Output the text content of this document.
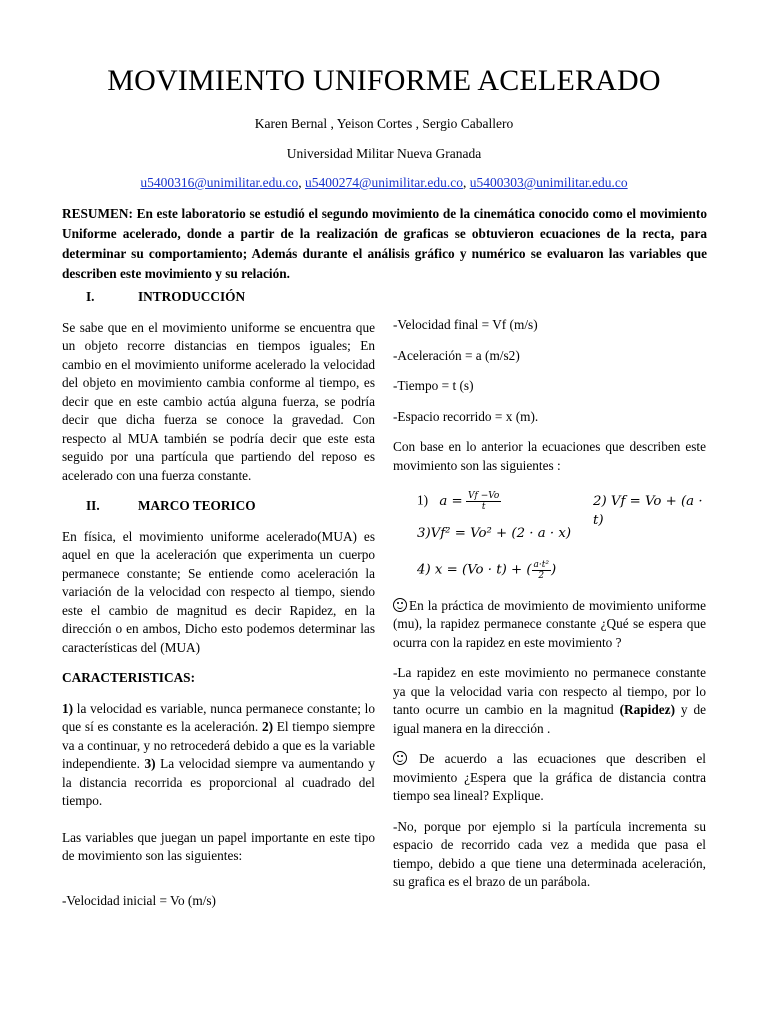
MOVIMIENTO UNIFORME ACELERADO
Karen Bernal , Yeison Cortes , Sergio Caballero
Universidad Militar Nueva Granada
u5400316@unimilitar.edu.co, u5400274@unimilitar.edu.co, u5400303@unimilitar.edu.co
RESUMEN: En este laboratorio se estudió el segundo movimiento de la cinemática conocido como el movimiento Uniforme acelerado, donde a partir de la realización de graficas se obtuvieron ecuaciones de la recta, para determinar su comportamiento; Además durante el análisis gráfico y numérico se evaluaron las variables que describen este movimiento y su relación.
I.	INTRODUCCIÓN

Se sabe que en el movimiento uniforme se encuentra que un objeto recorre distancias en tiempos iguales; En cambio en el movimiento uniforme acelerado la velocidad del objeto en movimiento cambia conforme al tiempo, es decir que en este cambio actúa alguna fuerza, se podría decir que dicha fuerza se conoce la gravedad. Con respecto al MUA también se podría decir que este esta seguido por una partícula que partiendo del reposo es acelerado con una fuerza constante.

II.	MARCO TEORICO

En física, el movimiento uniforme acelerado(MUA) es aquel en que la aceleración que experimenta un cuerpo permanece constante; Se entiende como aceleración la variación de la velocidad con respecto al tiempo, siendo este el cambio de magnitud es decir Rapidez, en la dirección o en ambos, Dicho esto podemos determinar las características del (MUA)

CARACTERISTICAS:

1) la velocidad es variable, nunca permanece constante; lo que sí es constante es la aceleración. 2) El tiempo siempre va a continuar, y no retrocederá debido a que es la variable independiente. 3) La velocidad siempre va aumentando y la distancia recorrida es proporcional al cuadrado del tiempo.

Las variables que juegan un papel importante en este tipo de movimiento son las siguientes:

-Velocidad inicial = Vo (m/s)

-Velocidad final = Vf (m/s)

-Aceleración = a (m/s2)

-Tiempo = t (s)

-Espacio recorrido = x (m).

Con base en lo anterior la ecuaciones que describen este movimiento son las siguientes :

1) $a = \frac{Vf -Vo}{t}$	2) Vf = Vo + (a · t)
3)Vf² = Vo² + (2 · a · x)
4) x = (Vo · t) + ( $\frac{\text{a·t²}}{2}$ )

En la práctica de movimiento de movimiento uniforme (mu), la rapidez permanece constante ¿Qué se espera que ocurra con la rapidez en este movimiento ?

-La rapidez en este movimiento no permanece constante ya que la velocidad varia con respecto al tiempo, por lo tanto ocurre un cambio en la magnitud (Rapidez) y de igual manera en la dirección .

De acuerdo a las ecuaciones que describen el movimiento ¿Espera que la gráfica de distancia contra tiempo sea lineal? Explique.

-No, porque por ejemplo si la partícula incrementa su espacio de recorrido cada vez a medida que pasa el tiempo, debido a que tiene una determinada aceleración, su grafica es el brazo de un parábola.
